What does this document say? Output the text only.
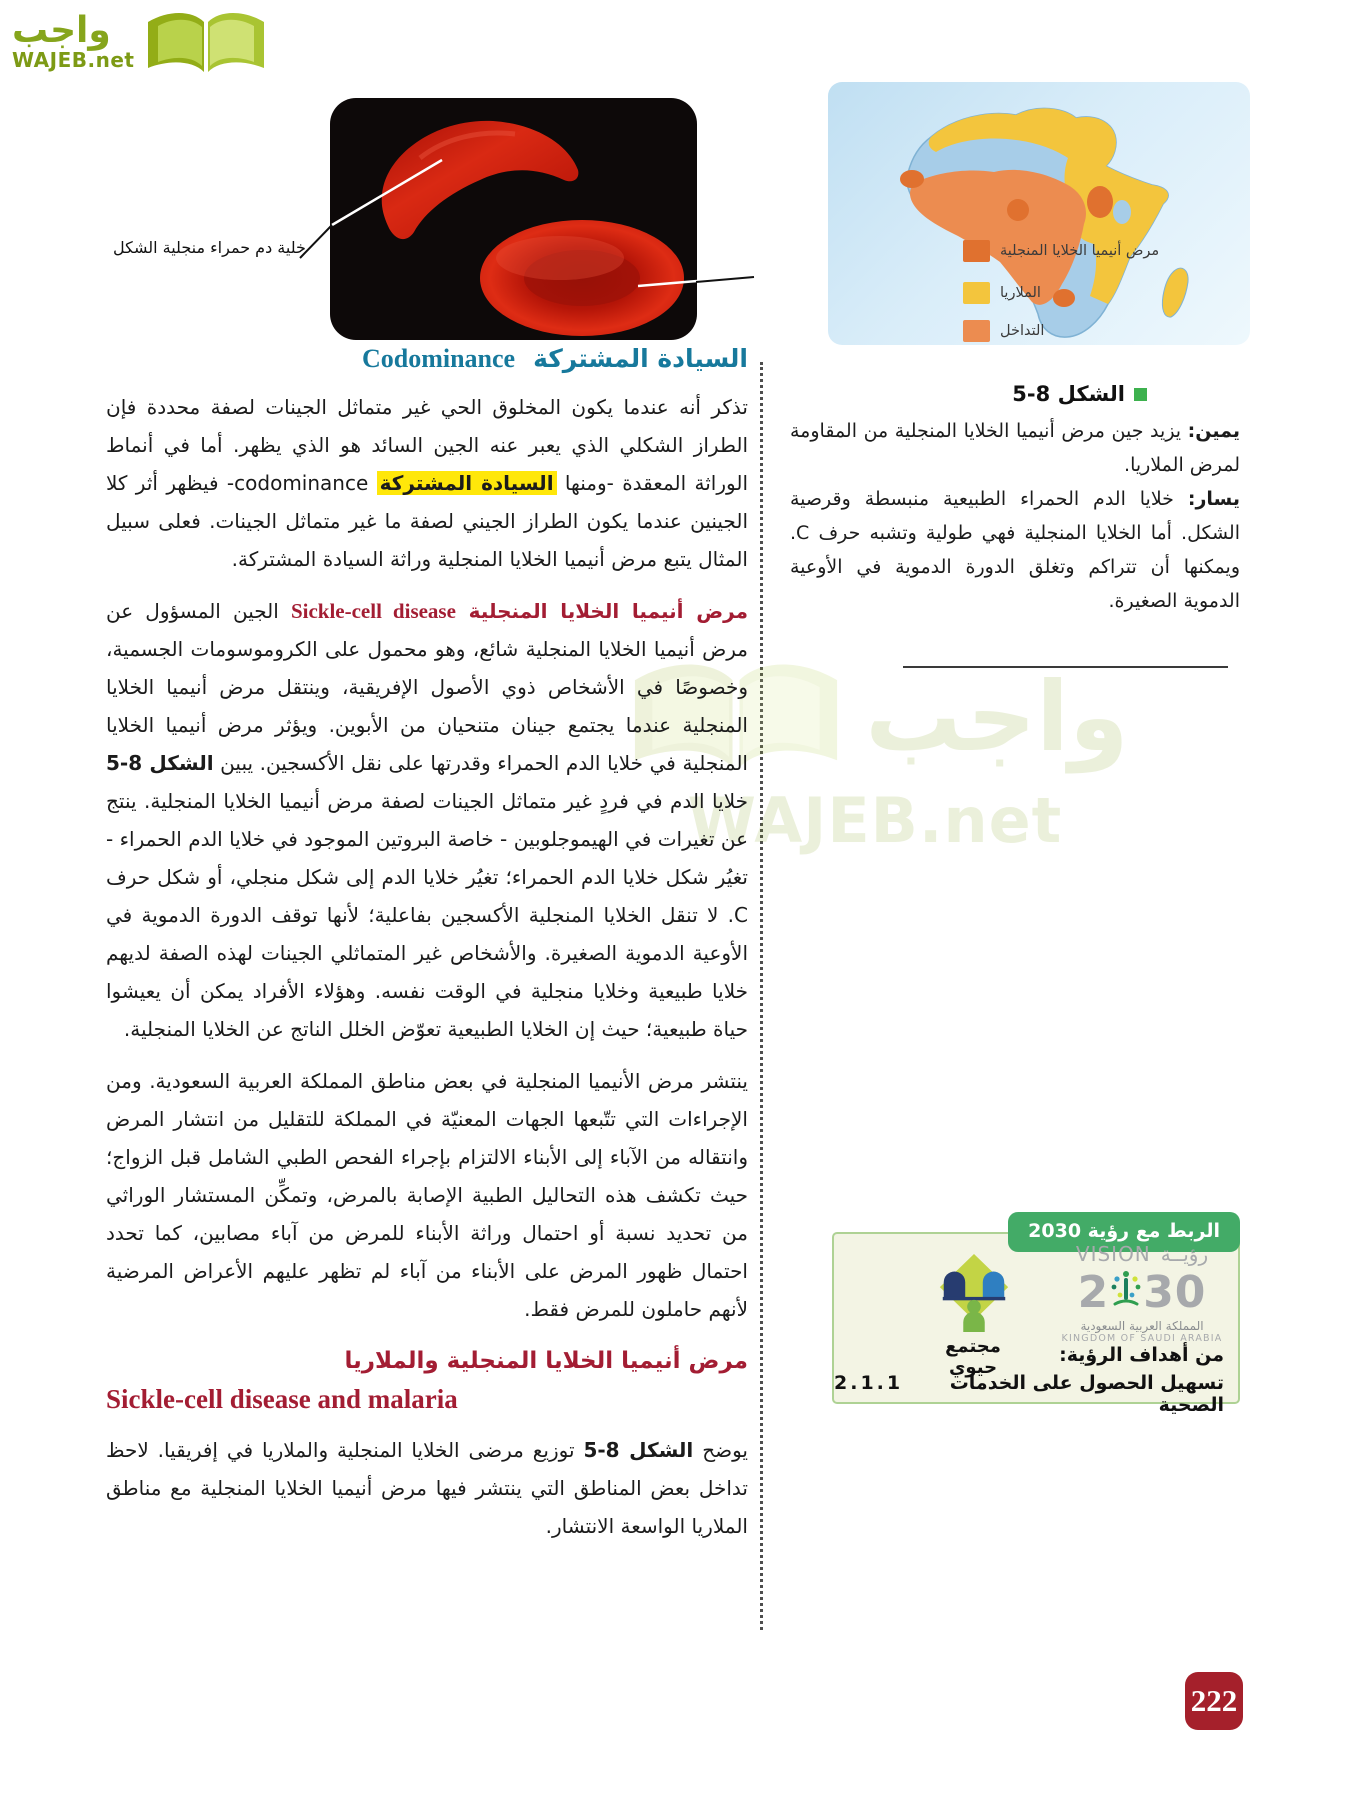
واجب
WAJEB.net
خلية دم حمراء منجلية الشكل	مرض أنيميا الخلايا المنجلية
الملاريا
التداخل
الشكل 8-5

يمين: يزيد جين مرض أنيميا الخلايا المنجلية من المقاومة لمرض الملاريا.
يسار: خلايا الدم الحمراء الطبيعية منبسطة وقرصية الشكل. أما الخلايا المنجلية فهي طولية وتشبه حرف C. ويمكنها أن تتراكم وتغلق الدورة الدموية في الأوعية الدموية الصغيرة.

واجب
WAJEB.net
السيادة المشتركة
Codominance

تذكر أنه عندما يكون المخلوق الحي غير متماثل الجينات لصفة محددة فإن الطراز الشكلي الذي يعبر عنه الجين السائد هو الذي يظهر. أما في أنماط الوراثة المعقدة -ومنها السيادة المشتركة codominance- فيظهر أثر كلا الجينين عندما يكون الطراز الجيني لصفة ما غير متماثل الجينات. فعلى سبيل المثال يتبع مرض أنيميا الخلايا المنجلية وراثة السيادة المشتركة.

مرض أنيميا الخلايا المنجلية Sickle-cell disease الجين المسؤول عن مرض أنيميا الخلايا المنجلية شائع، وهو محمول على الكروموسومات الجسمية، وخصوصًا في الأشخاص ذوي الأصول الإفريقية، وينتقل مرض أنيميا الخلايا المنجلية عندما يجتمع جينان متنحيان من الأبوين. ويؤثر مرض أنيميا الخلايا المنجلية في خلايا الدم الحمراء وقدرتها على نقل الأكسجين. يبين الشكل 8-5 خلايا الدم في فردٍ غير متماثل الجينات لصفة مرض أنيميا الخلايا المنجلية. ينتج عن تغيرات في الهيموجلوبين - خاصة البروتين الموجود في خلايا الدم الحمراء - تغيُر شكل خلايا الدم الحمراء؛ تغيُر خلايا الدم إلى شكل منجلي، أو شكل حرف C. لا تنقل الخلايا المنجلية الأكسجين بفاعلية؛ لأنها توقف الدورة الدموية في الأوعية الدموية الصغيرة. والأشخاص غير المتماثلي الجينات لهذه الصفة لديهم خلايا طبيعية وخلايا منجلية في الوقت نفسه. وهؤلاء الأفراد يمكن أن يعيشوا حياة طبيعية؛ حيث إن الخلايا الطبيعية تعوّض الخلل الناتج عن الخلايا المنجلية.

ينتشر مرض الأنيميا المنجلية في بعض مناطق المملكة العربية السعودية. ومن الإجراءات التي تتّبعها الجهات المعنيّة في المملكة للتقليل من انتشار المرض وانتقاله من الآباء إلى الأبناء الالتزام بإجراء الفحص الطبي الشامل قبل الزواج؛ حيث تكشف هذه التحاليل الطبية الإصابة بالمرض، وتمكِّن المستشار الوراثي من تحديد نسبة أو احتمال وراثة الأبناء للمرض من آباء مصابين، كما تحدد احتمال ظهور المرض على الأبناء من آباء لم تظهر عليهم الأعراض المرضية لأنهم حاملون للمرض فقط.

مرض أنيميا الخلايا المنجلية والملاريا
Sickle-cell disease and malaria

يوضح الشكل 8-5 توزيع مرضى الخلايا المنجلية والملاريا في إفريقيا. لاحظ تداخل بعض المناطق التي ينتشر فيها مرض أنيميا الخلايا المنجلية مع مناطق الملاريا الواسعة الانتشار.

الربط مع رؤية 2030
مجتمع حيوي
رؤيــة
VISION
2 30
المملكة العربية السعودية
KINGDOM OF SAUDI ARABIA
من أهداف الرؤية:
تسهيل الحصول على الخدمات الصحية
2.1.1
222
